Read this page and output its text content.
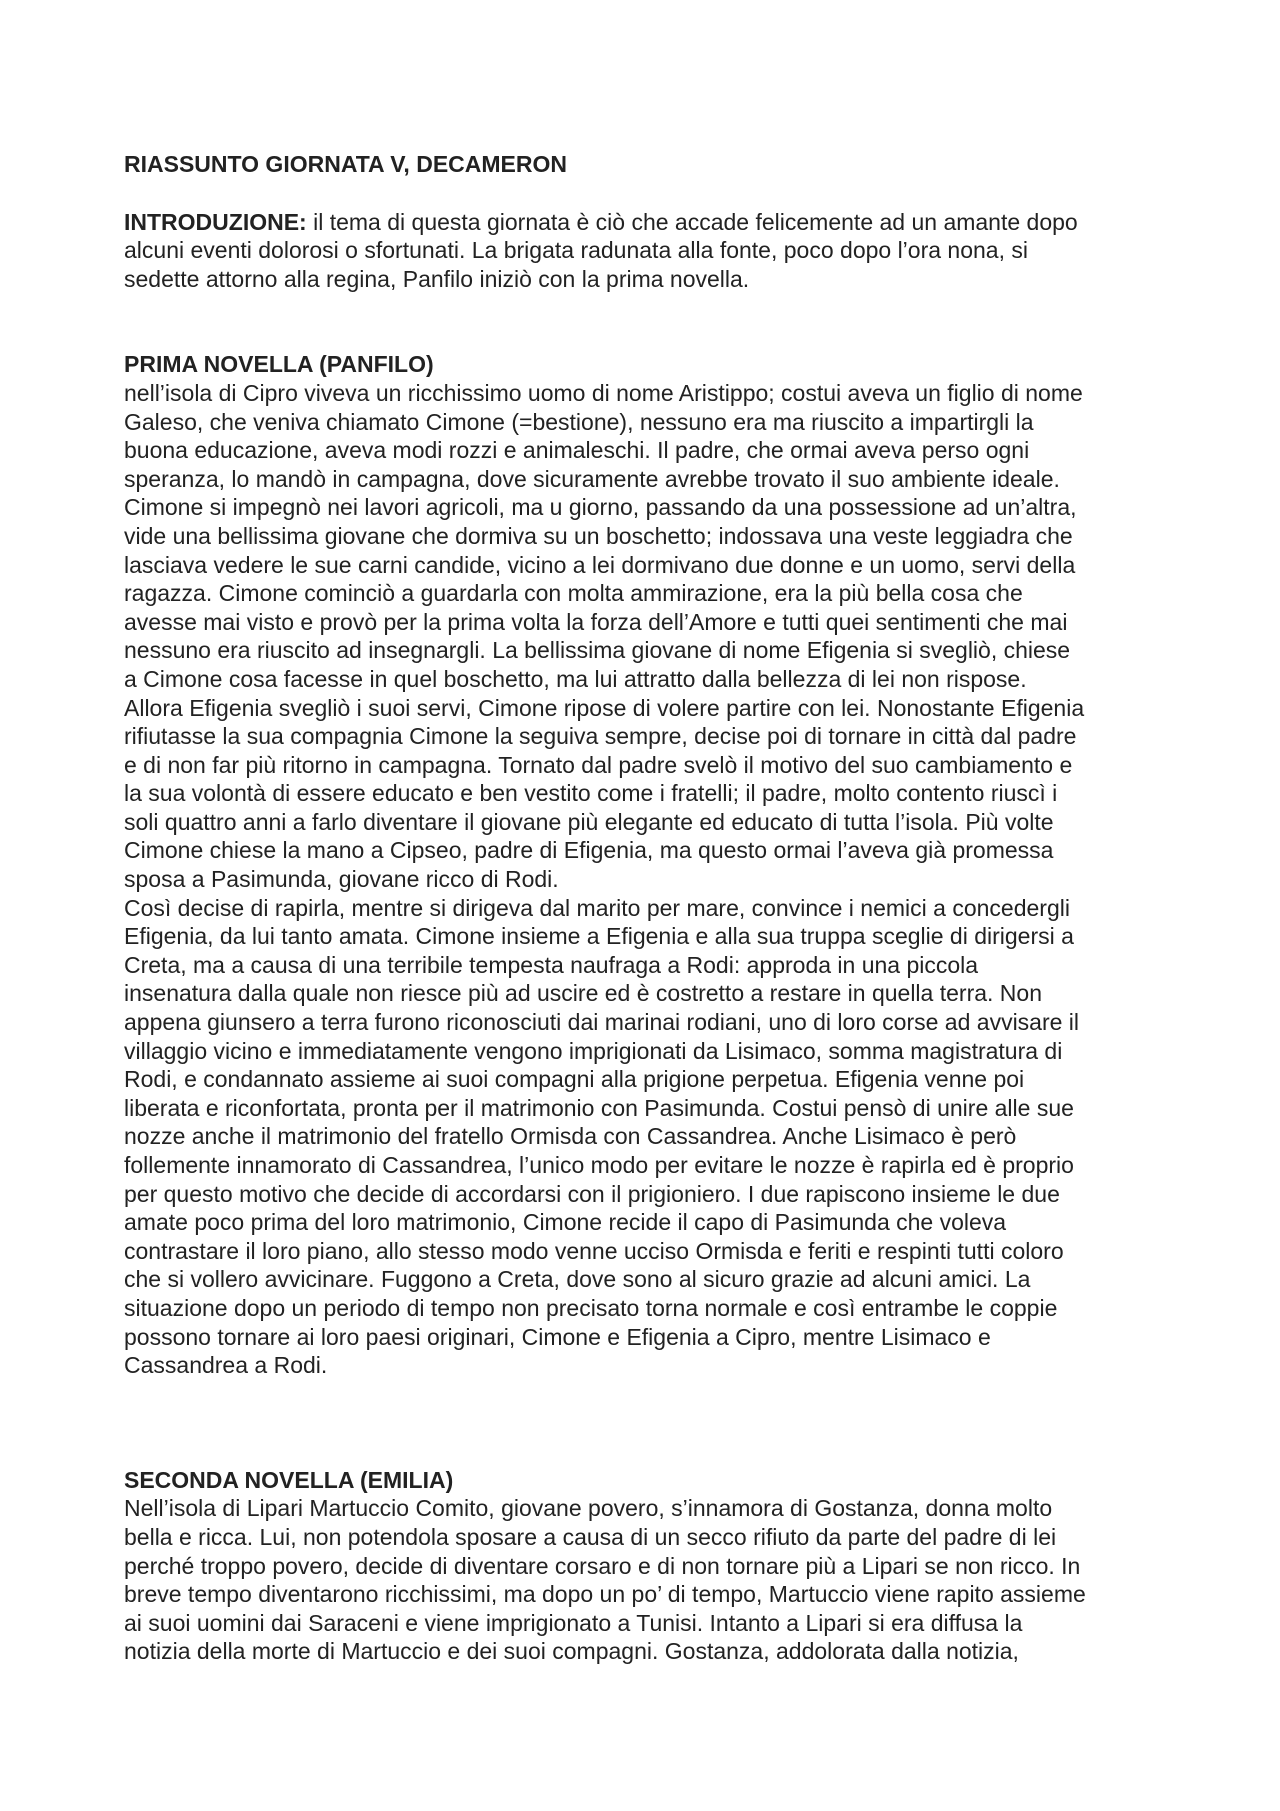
RIASSUNTO GIORNATA V, DECAMERON

INTRODUZIONE: il tema di questa giornata è ciò che accade felicemente ad un amante dopo
alcuni eventi dolorosi o sfortunati. La brigata radunata alla fonte, poco dopo l’ora nona, si
sedette attorno alla regina, Panfilo iniziò con la prima novella.

PRIMA NOVELLA (PANFILO)

nell’isola di Cipro viveva un ricchissimo uomo di nome Aristippo; costui aveva un figlio di nome
Galeso, che veniva chiamato Cimone (=bestione), nessuno era ma riuscito a impartirgli la
buona educazione, aveva modi rozzi e animaleschi. Il padre, che ormai aveva perso ogni
speranza, lo mandò in campagna, dove sicuramente avrebbe trovato il suo ambiente ideale.
Cimone si impegnò nei lavori agricoli, ma u giorno, passando da una possessione ad un’altra,
vide una bellissima giovane che dormiva su un boschetto; indossava una veste leggiadra che
lasciava vedere le sue carni candide, vicino a lei dormivano due donne e un uomo, servi della
ragazza. Cimone cominciò a guardarla con molta ammirazione, era la più bella cosa che
avesse mai visto e provò per la prima volta la forza dell’Amore e tutti quei sentimenti che mai
nessuno era riuscito ad insegnargli. La bellissima giovane di nome Efigenia si svegliò, chiese
a Cimone cosa facesse in quel boschetto, ma lui attratto dalla bellezza di lei non rispose.
Allora Efigenia svegliò i suoi servi, Cimone ripose di volere partire con lei. Nonostante Efigenia
rifiutasse la sua compagnia Cimone la seguiva sempre, decise poi di tornare in città dal padre
e di non far più ritorno in campagna. Tornato dal padre svelò il motivo del suo cambiamento e
la sua volontà di essere educato e ben vestito come i fratelli; il padre, molto contento riuscì i
soli quattro anni a farlo diventare il giovane più elegante ed educato di tutta l’isola. Più volte
Cimone chiese la mano a Cipseo, padre di Efigenia, ma questo ormai l’aveva già promessa
sposa a Pasimunda, giovane ricco di Rodi.
Così decise di rapirla, mentre si dirigeva dal marito per mare, convince i nemici a concedergli
Efigenia, da lui tanto amata. Cimone insieme a Efigenia e alla sua truppa sceglie di dirigersi a
Creta, ma a causa di una terribile tempesta naufraga a Rodi: approda in una piccola
insenatura dalla quale non riesce più ad uscire ed è costretto a restare in quella terra. Non
appena giunsero a terra furono riconosciuti dai marinai rodiani, uno di loro corse ad avvisare il
villaggio vicino e immediatamente vengono imprigionati da Lisimaco, somma magistratura di
Rodi, e condannato assieme ai suoi compagni alla prigione perpetua. Efigenia venne poi
liberata e riconfortata, pronta per il matrimonio con Pasimunda. Costui pensò di unire alle sue
nozze anche il matrimonio del fratello Ormisda con Cassandrea. Anche Lisimaco è però
follemente innamorato di Cassandrea, l’unico modo per evitare le nozze è rapirla ed è proprio
per questo motivo che decide di accordarsi con il prigioniero. I due rapiscono insieme le due
amate poco prima del loro matrimonio, Cimone recide il capo di Pasimunda che voleva
contrastare il loro piano, allo stesso modo venne ucciso Ormisda e feriti e respinti tutti coloro
che si vollero avvicinare. Fuggono a Creta, dove sono al sicuro grazie ad alcuni amici. La
situazione dopo un periodo di tempo non precisato torna normale e così entrambe le coppie
possono tornare ai loro paesi originari, Cimone e Efigenia a Cipro, mentre Lisimaco e
Cassandrea a Rodi.

SECONDA NOVELLA (EMILIA)

Nell’isola di Lipari Martuccio Comito, giovane povero, s’innamora di Gostanza, donna molto
bella e ricca. Lui, non potendola sposare a causa di un secco rifiuto da parte del padre di lei
perché troppo povero, decide di diventare corsaro e di non tornare più a Lipari se non ricco. In
breve tempo diventarono ricchissimi, ma dopo un po’ di tempo, Martuccio viene rapito assieme
ai suoi uomini dai Saraceni e viene imprigionato a Tunisi. Intanto a Lipari si era diffusa la
notizia della morte di Martuccio e dei suoi compagni. Gostanza, addolorata dalla notizia,
